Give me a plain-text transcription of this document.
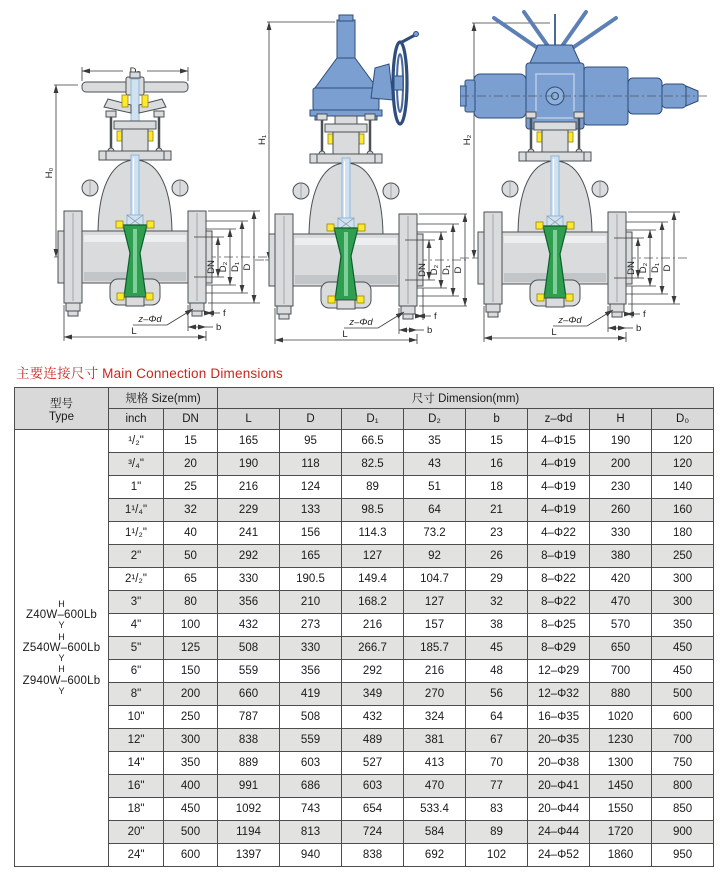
H₀
H₁	H₂
主要连接尺寸 Main Connection Dimensions
型号
Type	规格 Size(mm)		尺寸 Dimension(mm)							
	inch	DN	L	D	D₁	D₂	b	z–Φd	H	D₀

H
Z40W–600Lb
Y
H
Z540W–600Lb
Y
H
Z940W–600Lb
Y
	¹/₂"	15	165	95	66.5	35	15	4–Φ15	190	120
	³/₄"	20	190	118	82.5	43	16	4–Φ19	200	120
	1"	25	216	124	89	51	18	4–Φ19	230	140
	1¹/₄"	32	229	133	98.5	64	21	4–Φ19	260	160
	1¹/₂"	40	241	156	114.3	73.2	23	4–Φ22	330	180
	2"	50	292	165	127	92	26	8–Φ19	380	250
	2¹/₂"	65	330	190.5	149.4	104.7	29	8–Φ22	420	300
	3"	80	356	210	168.2	127	32	8–Φ22	470	300
	4"	100	432	273	216	157	38	8–Φ25	570	350
	5"	125	508	330	266.7	185.7	45	8–Φ29	650	450
	6"	150	559	356	292	216	48	12–Φ29	700	450
	8"	200	660	419	349	270	56	12–Φ32	880	500
	10"	250	787	508	432	324	64	16–Φ35	1020	600
	12"	300	838	559	489	381	67	20–Φ35	1230	700
	14"	350	889	603	527	413	70	20–Φ38	1300	750
	16"	400	991	686	603	470	77	20–Φ41	1450	800
	18"	450	1092	743	654	533.4	83	20–Φ44	1550	850
	20"	500	1194	813	724	584	89	24–Φ44	1720	900
	24"	600	1397	940	838	692	102	24–Φ52	1860	950
